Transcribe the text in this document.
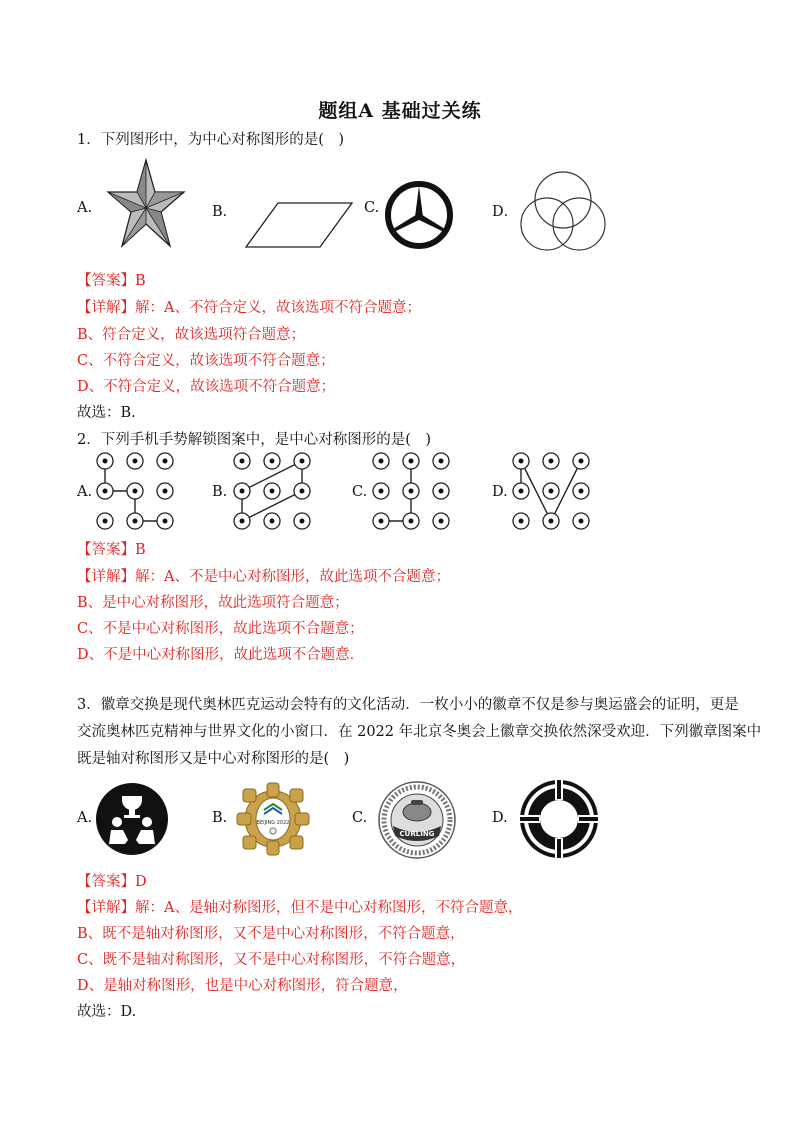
题组A 基础过关练
1．下列图形中，为中心对称图形的是(　)
A.	B．	C.	D．
【答案】B
【详解】解：A、不符合定义，故该选项不符合题意；
B、符合定义，故该选项符合题意；
C、不符合定义，故该选项不符合题意；
D、不符合定义，故该选项不符合题意；
故选：B.
2．下列手机手势解锁图案中，是中心对称图形的是(　)
A.	B.	C.	D.
【答案】B
【详解】解：A、不是中心对称图形，故此选项不合题意；
B、是中心对称图形，故此选项符合题意；
C、不是中心对称图形，故此选项不合题意；
D、不是中心对称图形，故此选项不合题意．
3．徽章交换是现代奥林匹克运动会特有的文化活动．一枚小小的徽章不仅是参与奥运盛会的证明，更是
交流奥林匹克精神与世界文化的小窗口．在 2022 年北京冬奥会上徽章交换依然深受欢迎．下列徽章图案中
既是轴对称图形又是中心对称图形的是(　)
A.	B.	BEIJING 2022	C.
CURLING
D.
【答案】D
【详解】解：A、是轴对称图形，但不是中心对称图形，不符合题意，
B、既不是轴对称图形，又不是中心对称图形，不符合题意，
C、既不是轴对称图形，又不是中心对称图形，不符合题意，
D、是轴对称图形，也是中心对称图形，符合题意，
故选：D.
